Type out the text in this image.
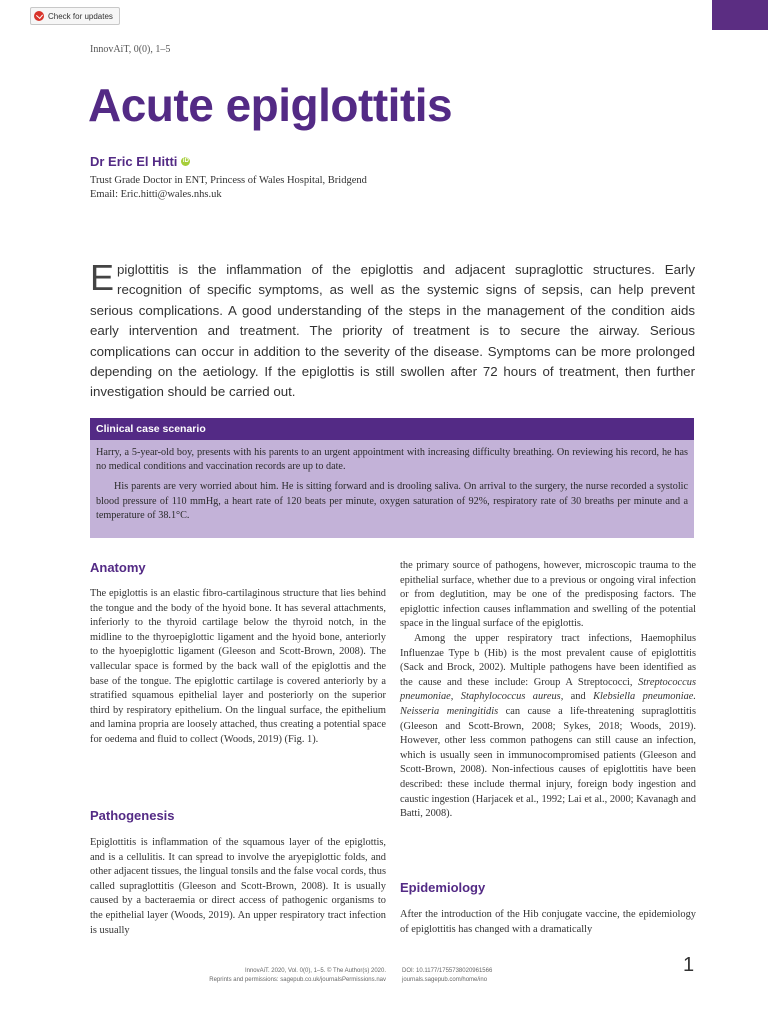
Check for updates
InnovAiT, 0(0), 1–5
Acute epiglottitis
Dr Eric El Hitti iD
Trust Grade Doctor in ENT, Princess of Wales Hospital, Bridgend
Email: Eric.hitti@wales.nhs.uk

Epiglottitis is the inflammation of the epiglottis and adjacent supraglottic structures. Early recognition of specific symptoms, as well as the systemic signs of sepsis, can help prevent serious complications. A good understanding of the steps in the management of the condition aids early intervention and treatment. The priority of treatment is to secure the airway. Serious complications can occur in addition to the severity of the disease. Symptoms can be more prolonged depending on the aetiology. If the epiglottis is still swollen after 72 hours of treatment, then further investigation should be carried out.

Clinical case scenario

Harry, a 5-year-old boy, presents with his parents to an urgent appointment with increasing difficulty breathing. On reviewing his record, he has no medical conditions and vaccination records are up to date.

His parents are very worried about him. He is sitting forward and is drooling saliva. On arrival to the surgery, the nurse recorded a systolic blood pressure of 110 mmHg, a heart rate of 120 beats per minute, oxygen saturation of 92%, respiratory rate of 30 breaths per minute and a temperature of 38.1°C.

Anatomy

The epiglottis is an elastic fibro-cartilaginous structure that lies behind the tongue and the body of the hyoid bone. It has several attachments, inferiorly to the thyroid cartilage below the thyroid notch, in the midline to the thyroepiglottic ligament and the hyoid bone, anteriorly to the hyoepiglottic ligament (Gleeson and Scott-Brown, 2008). The vallecular space is formed by the back wall of the epiglottis and the base of the tongue. The epiglottic cartilage is covered anteriorly by a stratified squamous epithelial layer and posteriorly on the superior third by respiratory epithelium. On the lingual surface, the epithelium and lamina propria are loosely attached, thus creating a potential space for oedema and fluid to collect (Woods, 2019) (Fig. 1).

Pathogenesis

Epiglottitis is inflammation of the squamous layer of the epiglottis, and is a cellulitis. It can spread to involve the aryepiglottic folds, and other adjacent tissues, the lingual tonsils and the false vocal cords, thus called supraglottitis (Gleeson and Scott-Brown, 2008). It is usually caused by a bacteraemia or direct access of pathogenic organisms to the epithelial layer (Woods, 2019). An upper respiratory tract infection is usually

the primary source of pathogens, however, microscopic trauma to the epithelial surface, whether due to a previous or ongoing viral infection or from deglutition, may be one of the predisposing factors. The epiglottic infection causes inflammation and swelling of the potential space in the lingual surface of the epiglottis.

Among the upper respiratory tract infections, Haemophilus Influenzae Type b (Hib) is the most prevalent cause of epiglottitis (Sack and Brock, 2002). Multiple pathogens have been identified as the cause and these include: Group A Streptococci, Streptococcus pneumoniae, Staphylococcus aureus, and Klebsiella pneumoniae. Neisseria meningitidis can cause a life-threatening supraglottitis (Gleeson and Scott-Brown, 2008; Sykes, 2018; Woods, 2019). However, other less common pathogens can still cause an infection, which is usually seen in immunocompromised patients (Gleeson and Scott-Brown, 2008). Non-infectious causes of epiglottitis have been described: these include thermal injury, foreign body ingestion and caustic ingestion (Harjacek et al., 1992; Lai et al., 2000; Kavanagh and Batti, 2008).

Epidemiology

After the introduction of the Hib conjugate vaccine, the epidemiology of epiglottitis has changed with a dramatically

InnovAiT. 2020, Vol. 0(0), 1–5. © The Author(s) 2020.
Reprints and permissions: sagepub.co.uk/journalsPermissions.nav
DOI: 10.1177/1755738020961566
journals.sagepub.com/home/ino
1
